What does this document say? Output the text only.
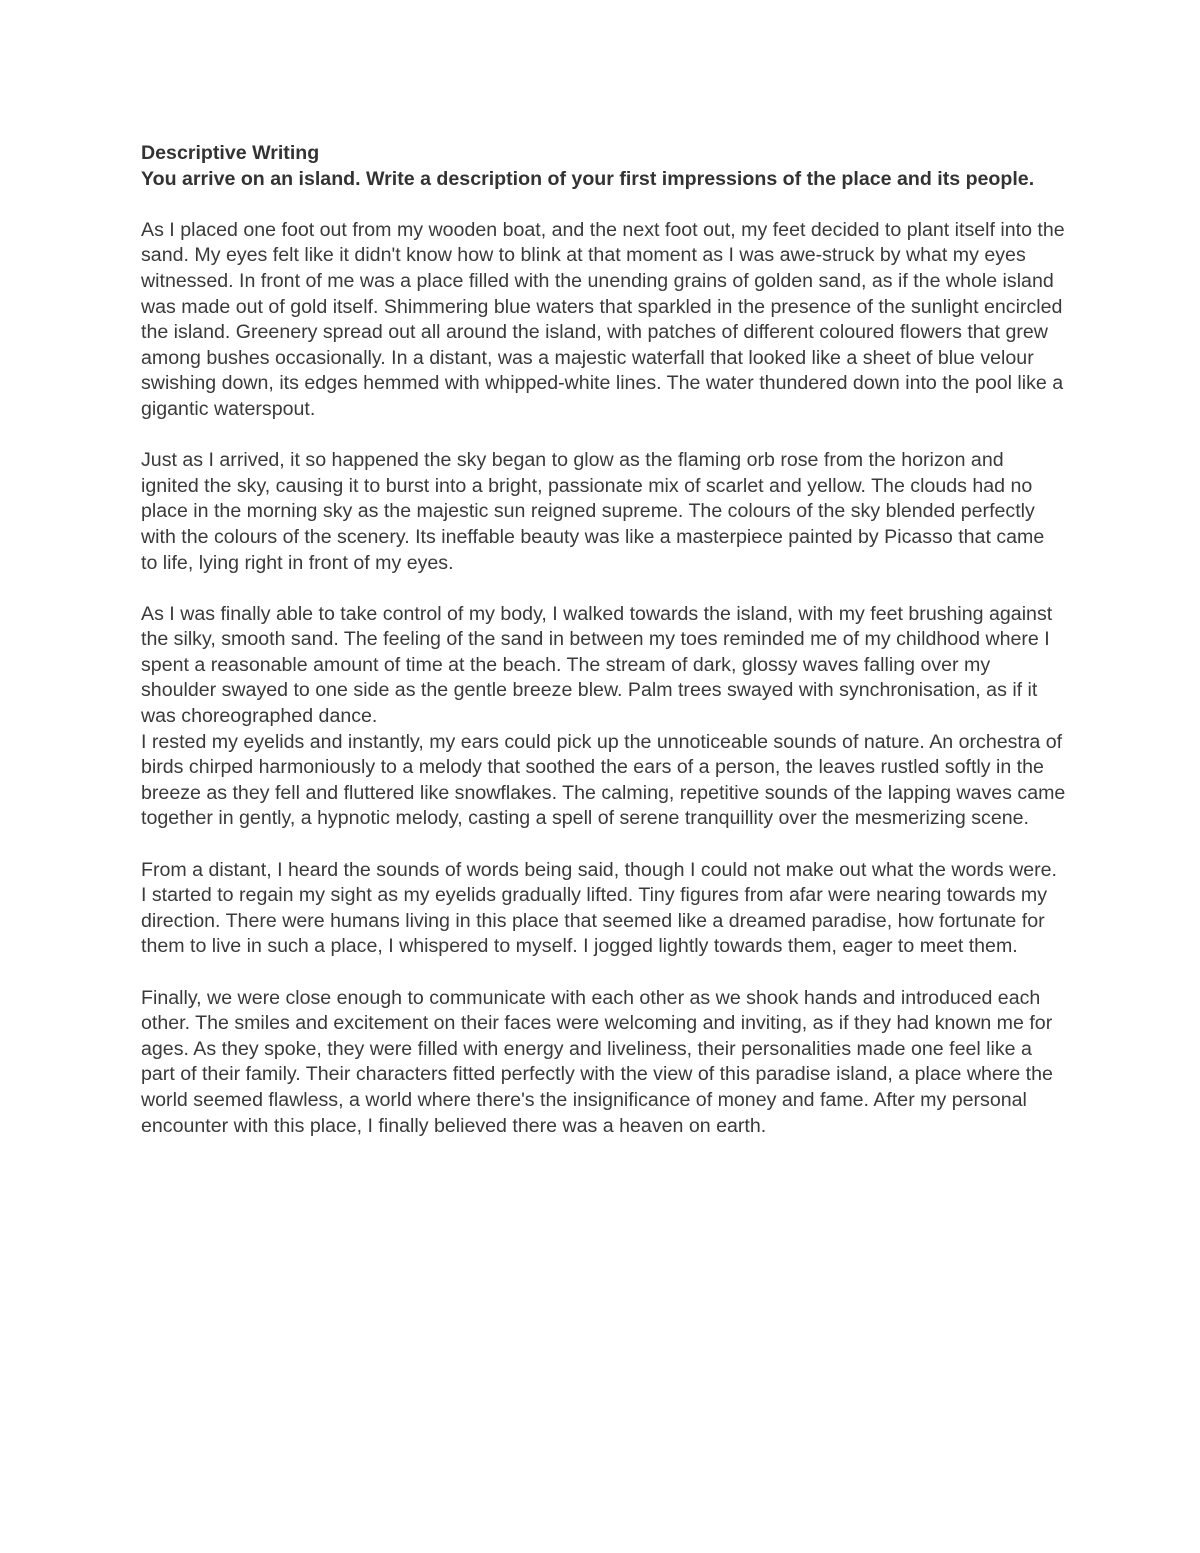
Descriptive Writing

You arrive on an island. Write a description of your first impressions of the place and its people.

As I placed one foot out from my wooden boat, and the next foot out, my feet decided to plant itself into the sand. My eyes felt like it didn't know how to blink at that moment as I was awe-struck by what my eyes witnessed. In front of me was a place filled with the unending grains of golden sand, as if the whole island was made out of gold itself. Shimmering blue waters that sparkled in the presence of the sunlight encircled the island. Greenery spread out all around the island, with patches of different coloured flowers that grew among bushes occasionally. In a distant, was a majestic waterfall that looked like a sheet of blue velour swishing down, its edges hemmed with whipped-white lines. The water thundered down into the pool like a gigantic waterspout.

Just as I arrived, it so happened the sky began to glow as the flaming orb rose from the horizon and ignited the sky, causing it to burst into a bright, passionate mix of scarlet and yellow. The clouds had no place in the morning sky as the majestic sun reigned supreme. The colours of the sky blended perfectly with the colours of the scenery. Its ineffable beauty was like a masterpiece painted by Picasso that came to life, lying right in front of my eyes.

As I was finally able to take control of my body, I walked towards the island, with my feet brushing against the silky, smooth sand. The feeling of the sand in between my toes reminded me of my childhood where I spent a reasonable amount of time at the beach. The stream of dark, glossy waves falling over my shoulder swayed to one side as the gentle breeze blew. Palm trees swayed with synchronisation, as if it was choreographed dance.

I rested my eyelids and instantly, my ears could pick up the unnoticeable sounds of nature. An orchestra of birds chirped harmoniously to a melody that soothed the ears of a person, the leaves rustled softly in the breeze as they fell and fluttered like snowflakes. The calming, repetitive sounds of the lapping waves came together in gently, a hypnotic melody, casting a spell of serene tranquillity over the mesmerizing scene.

From a distant, I heard the sounds of words being said, though I could not make out what the words were. I started to regain my sight as my eyelids gradually lifted. Tiny figures from afar were nearing towards my direction. There were humans living in this place that seemed like a dreamed paradise, how fortunate for them to live in such a place, I whispered to myself. I jogged lightly towards them, eager to meet them.

Finally, we were close enough to communicate with each other as we shook hands and introduced each other. The smiles and excitement on their faces were welcoming and inviting, as if they had known me for ages. As they spoke, they were filled with energy and liveliness, their personalities made one feel like a part of their family. Their characters fitted perfectly with the view of this paradise island, a place where the world seemed flawless, a world where there's the insignificance of money and fame. After my personal encounter with this place, I finally believed there was a heaven on earth.
